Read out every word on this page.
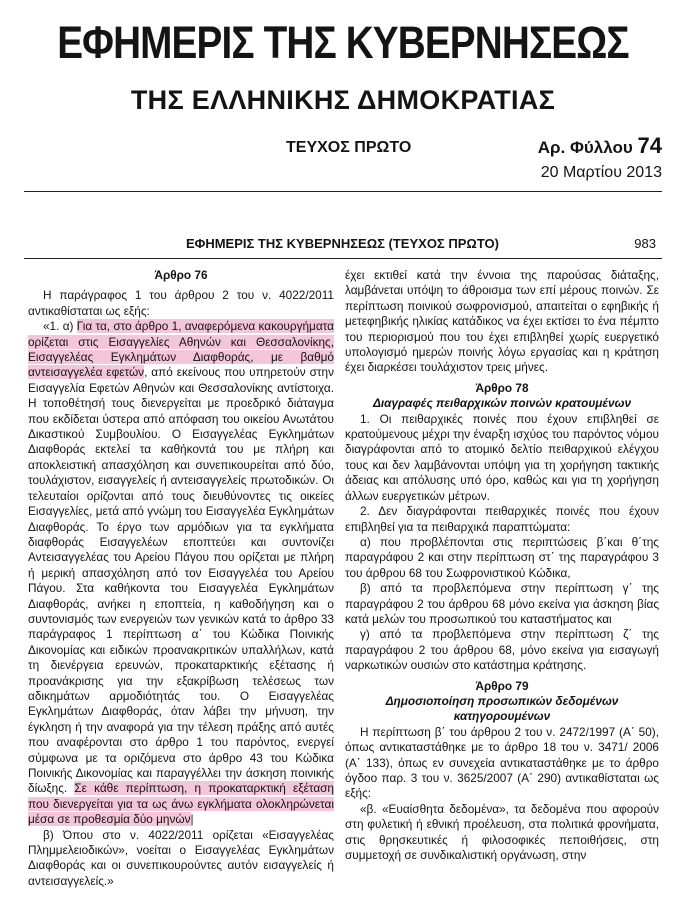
ΕΦΗΜΕΡΙΣ ΤΗΣ ΚΥΒΕΡΝΗΣΕΩΣ
ΤΗΣ ΕΛΛΗΝΙΚΗΣ ΔΗΜΟΚΡΑΤΙΑΣ
ΤΕΥΧΟΣ ΠΡΩΤΟ	Αρ. Φύλλου 74
20 Μαρτίου 2013
ΕΦΗΜΕΡΙΣ ΤΗΣ ΚΥΒΕΡΝΗΣΕΩΣ (ΤΕΥΧΟΣ ΠΡΩΤΟ)	983

Άρθρο 76

Η παράγραφος 1 του άρθρου 2 του ν. 4022/2011 αντικαθίσταται ως εξής:

«1. α) Για τα, στο άρθρο 1, αναφερόμενα κακουργήματα ορίζεται στις Εισαγγελίες Αθηνών και Θεσσαλονίκης, Εισαγγελέας Εγκλημάτων Διαφθοράς, με βαθμό αντεισαγγελέα εφετών, από εκείνους που υπηρετούν στην Εισαγγελία Εφετών Αθηνών και Θεσσαλονίκης αντίστοιχα. Η τοποθέτησή τους διενεργείται με προεδρικό διάταγμα που εκδίδεται ύστερα από απόφαση του οικείου Ανωτάτου Δικαστικού Συμβουλίου. Ο Εισαγγελέας Εγκλημάτων Διαφθοράς εκτελεί τα καθήκοντά του με πλήρη και αποκλειστική απασχόληση και συνεπικουρείται από δύο, τουλάχιστον, εισαγγελείς ή αντεισαγγελείς πρωτοδικών. Οι τελευταίοι ορίζονται από τους διευθύνοντες τις οικείες Εισαγγελίες, μετά από γνώμη του Εισαγγελέα Εγκλημάτων Διαφθοράς. Το έργο των αρμόδιων για τα εγκλήματα διαφθοράς Εισαγγελέων εποπτεύει και συντονίζει Αντεισαγγελέας του Αρείου Πάγου που ορίζεται με πλήρη ή μερική απασχόληση από τον Εισαγγελέα του Αρείου Πάγου. Στα καθήκοντα του Εισαγγελέα Εγκλημάτων Διαφθοράς, ανήκει η εποπτεία, η καθοδήγηση και ο συντονισμός των ενεργειών των γενικών κατά το άρθρο 33 παράγραφος 1 περίπτωση α΄ του Κώδικα Ποινικής Δικονομίας και ειδικών προανακριτικών υπαλλήλων, κατά τη διενέργεια ερευνών, προκαταρκτικής εξέτασης ή προανάκρισης για την εξακρίβωση τελέσεως των αδικημάτων αρμοδιότητάς του. Ο Εισαγγελέας Εγκλημάτων Διαφθοράς, όταν λάβει την μήνυση, την έγκληση ή την αναφορά για την τέλεση πράξης από αυτές που αναφέρονται στο άρθρο 1 του παρόντος, ενεργεί σύμφωνα με τα οριζόμενα στο άρθρο 43 του Κώδικα Ποινικής Δικονομίας και παραγγέλλει την άσκηση ποινικής δίωξης. Σε κάθε περίπτωση, η προκαταρκτική εξέταση που διενεργείται για τα ως άνω εγκλήματα ολοκληρώνεται μέσα σε προθεσμία δύο μηνών|

β) Όπου στο ν. 4022/2011 ορίζεται «Εισαγγελέας Πλημμελειοδικών», νοείται ο Εισαγγελέας Εγκλημάτων Διαφθοράς και οι συνεπικουρούντες αυτόν εισαγγελείς ή αντεισαγγελείς.»

έχει εκτιθεί κατά την έννοια της παρούσας διάταξης, λαμβάνεται υπόψη το άθροισμα των επί μέρους ποινών. Σε περίπτωση ποινικού σωφρονισμού, απαιτείται ο εφηβικής ή μετεφηβικής ηλικίας κατάδικος να έχει εκτίσει το ένα πέμπτο του περιορισμού που του έχει επιβληθεί χωρίς ευεργετικό υπολογισμό ημερών ποινής λόγω εργασίας και η κράτηση έχει διαρκέσει τουλάχιστον τρεις μήνες.

Άρθρο 78

Διαγραφές πειθαρχικών ποινών κρατουμένων

1. Οι πειθαρχικές ποινές που έχουν επιβληθεί σε κρατούμενους μέχρι την έναρξη ισχύος του παρόντος νόμου διαγράφονται από το ατομικό δελτίο πειθαρχικού ελέγχου τους και δεν λαμβάνονται υπόψη για τη χορήγηση τακτικής άδειας και απόλυσης υπό όρο, καθώς και για τη χορήγηση άλλων ευεργετικών μέτρων.

2. Δεν διαγράφονται πειθαρχικές ποινές που έχουν επιβληθεί για τα πειθαρχικά παραπτώματα:

α) που προβλέπονται στις περιπτώσεις β΄και θ΄της παραγράφου 2 και στην περίπτωση στ΄ της παραγράφου 3 του άρθρου 68 του Σωφρονιστικού Κώδικα,

β) από τα προβλεπόμενα στην περίπτωση γ΄ της παραγράφου 2 του άρθρου 68 μόνο εκείνα για άσκηση βίας κατά μελών του προσωπικού του καταστήματος και

γ) από τα προβλεπόμενα στην περίπτωση ζ΄ της παραγράφου 2 του άρθρου 68, μόνο εκείνα για εισαγωγή ναρκωτικών ουσιών στο κατάστημα κράτησης.

Άρθρο 79

Δημοσιοποίηση προσωπικών δεδομένων κατηγορουμένων

Η περίπτωση β΄ του άρθρου 2 του ν. 2472/1997 (Α΄ 50), όπως αντικαταστάθηκε με το άρθρο 18 του ν. 3471/ 2006 (Α΄ 133), όπως εν συνεχεία αντικαταστάθηκε με το άρθρο όγδοο παρ. 3 του ν. 3625/2007 (Α΄ 290) αντικαθίσταται ως εξής:

«β. «Ευαίσθητα δεδομένα», τα δεδομένα που αφορούν στη φυλετική ή εθνική προέλευση, στα πολιτικά φρονήματα, στις θρησκευτικές ή φιλοσοφικές πεποιθήσεις, στη συμμετοχή σε συνδικαλιστική οργάνωση, στην
